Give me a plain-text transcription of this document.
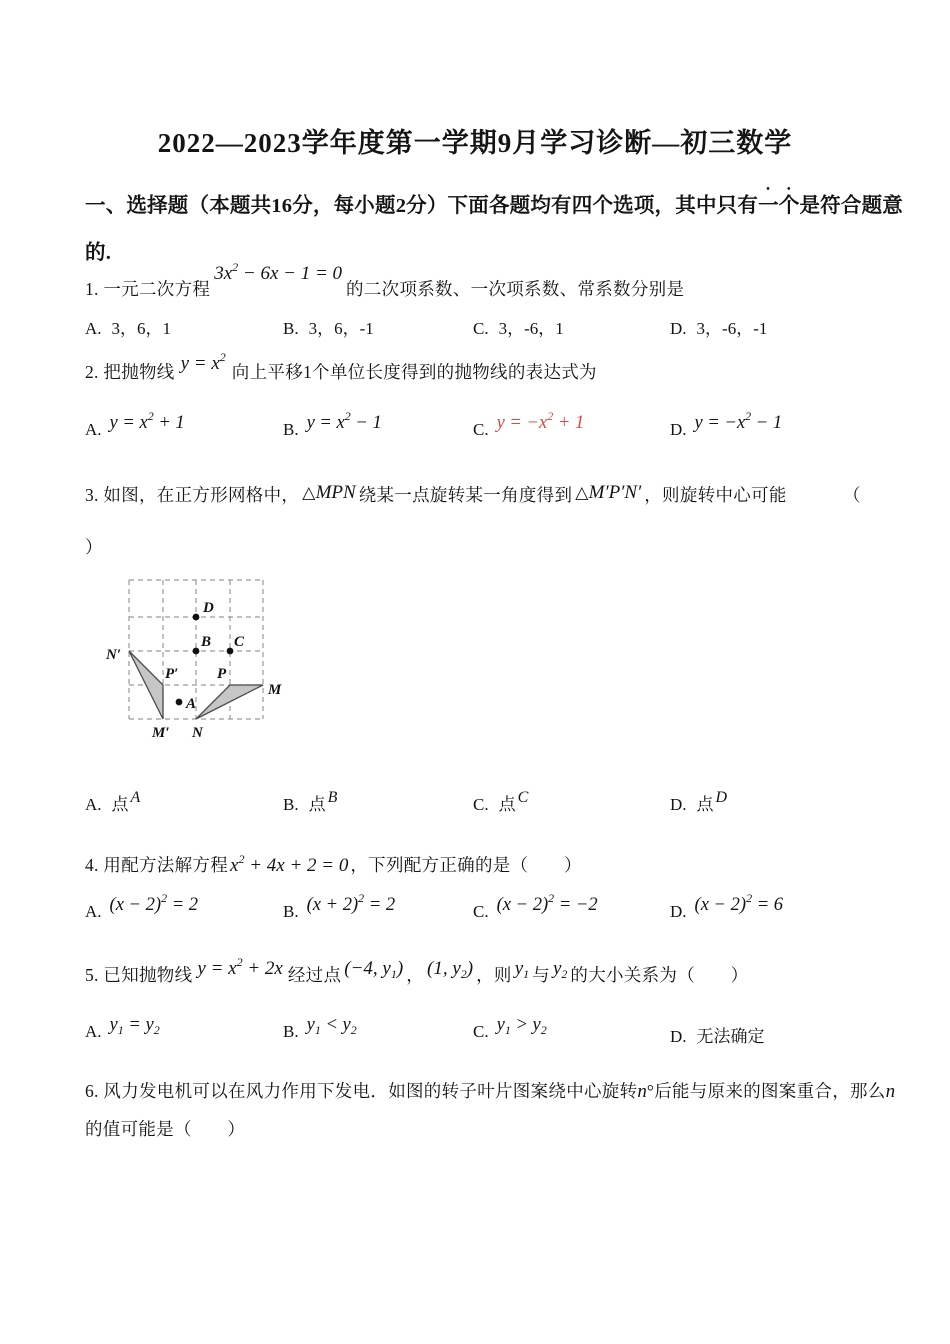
2022—2023学年度第一学期9月学习诊断—初三数学
一、选择题（本题共16分，每小题2分）下面各题均有四个选项，其中只有一个是符合题意
的.
1. 一元二次方程$3x^2 - 6x - 1 = 0$的二次项系数、一次项系数、常系数分别是
A. 3，6，1	B. 3，6，-1	C. 3，-6，1	D. 3，-6，-1
2. 把抛物线 $y = x^2$向上平移1个单位长度得到的抛物线的表达式为
A. $y = x^2 + 1$	B. $y = x^2 - 1$	C. $y = -x^2 + 1$	D. $y = -x^2 - 1$
3. 如图，在正方形网格中， △MPN 绕某一点旋转某一角度得到 △M′P′N′ ，则旋转中心可能	（
）
D
B C
A
N′
P′
M′ N
P
M
A. 点 A	B. 点 B	C. 点 C	D. 点 D
4. 用配方法解方程 $x^2 + 4x + 2 = 0$ ，下列配方正确的是（　　）
A. $(x - 2)^2 = 2$	B. $(x + 2)^2 = 2$	C. $(x - 2)^2 = -2$	D. $(x - 2)^2 = 6$
5. 已知抛物线 $y = x^2 + 2x$ 经过点 (−4, $y_1$) ， (1, $y_2$) ，则 $y_1$ 与 $y_2$ 的大小关系为（　　）
A. $y_1 = y_2$	B. $y_1 < y_2$	C. $y_1 > y_2$	D. 无法确定
6. 风力发电机可以在风力作用下发电．如图的转子叶片图案绕中心旋转n°后能与原来的图案重合，那么n
的值可能是（　　）
